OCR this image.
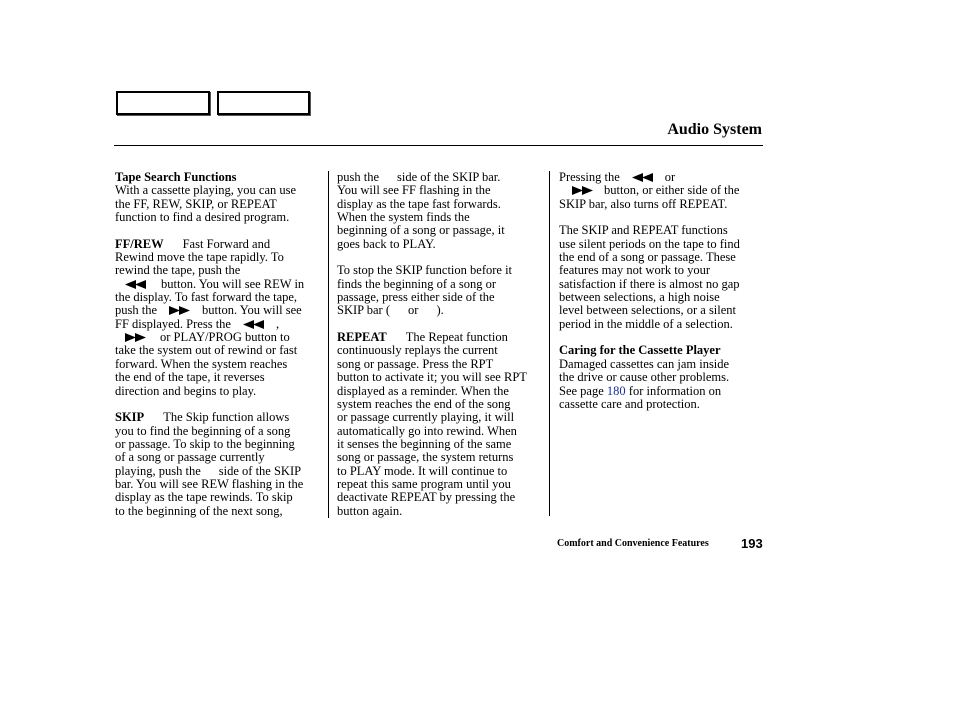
Audio System
Tape Search Functions
With a cassette playing, you can use
the FF, REW, SKIP, or REPEAT
function to find a desired program.
FF/REW Fast Forward and
Rewind move the tape rapidly. To
rewind the tape, push the
button. You will see REW in
the display. To fast forward the tape,
push the	button. You will see
FF displayed. Press the	,
or PLAY/PROG button to
take the system out of rewind or fast
forward. When the system reaches
the end of the tape, it reverses
direction and begins to play.
SKIP The Skip function allows
you to find the beginning of a song
or passage. To skip to the beginning
of a song or passage currently
playing, push the side of the SKIP
bar. You will see REW flashing in the
display as the tape rewinds. To skip
to the beginning of the next song,
push the side of the SKIP bar.
You will see FF flashing in the
display as the tape fast forwards.
When the system finds the
beginning of a song or passage, it
goes back to PLAY.
To stop the SKIP function before it
finds the beginning of a song or
passage, press either side of the
SKIP bar ( or ).
REPEAT The Repeat function
continuously replays the current
song or passage. Press the RPT
button to activate it; you will see RPT
displayed as a reminder. When the
system reaches the end of the song
or passage currently playing, it will
automatically go into rewind. When
it senses the beginning of the same
song or passage, the system returns
to PLAY mode. It will continue to
repeat this same program until you
deactivate REPEAT by pressing the
button again.
Pressing the	or
button, or either side of the
SKIP bar, also turns off REPEAT.
The SKIP and REPEAT functions
use silent periods on the tape to find
the end of a song or passage. These
features may not work to your
satisfaction if there is almost no gap
between selections, a high noise
level between selections, or a silent
period in the middle of a selection.
Caring for the Cassette Player
Damaged cassettes can jam inside
the drive or cause other problems.
See page 180 for information on
cassette care and protection.
Comfort and Convenience Features 193
